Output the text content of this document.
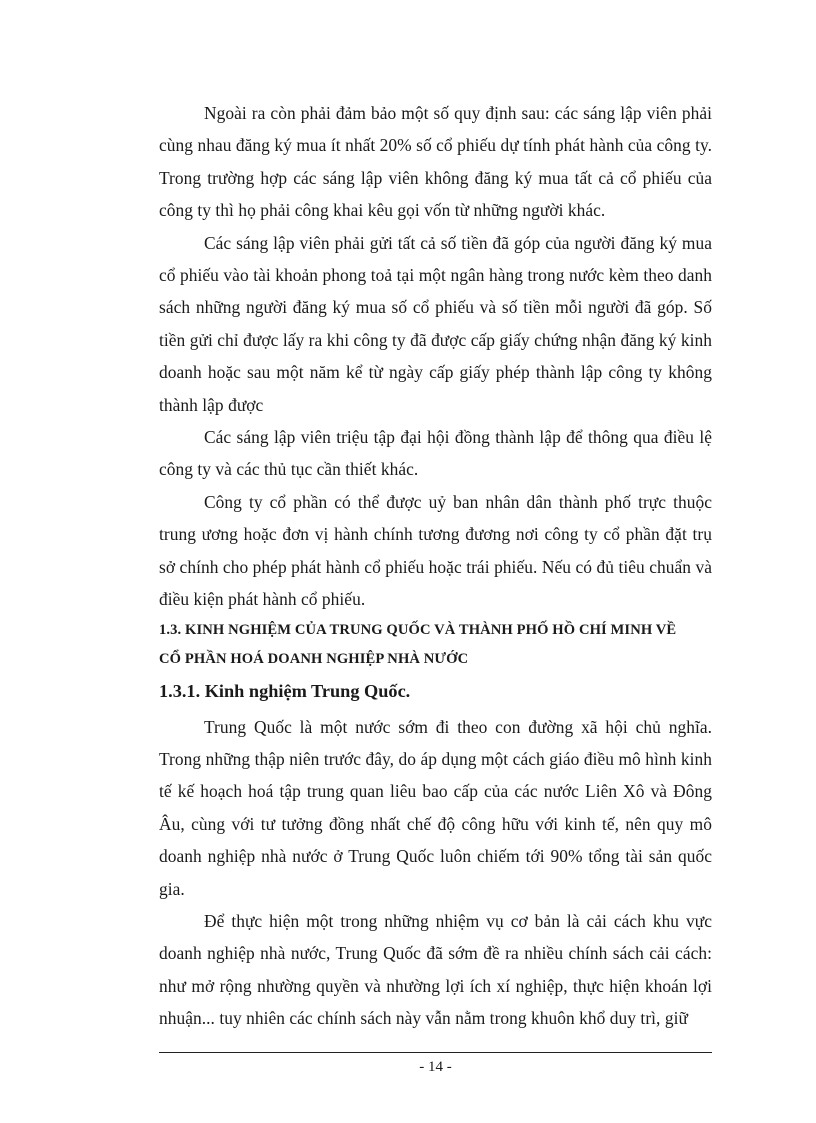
Ngoài ra còn phải đảm bảo một số quy định sau: các sáng lập viên phải cùng nhau đăng ký mua ít nhất 20% số cổ phiếu dự tính phát hành của công ty. Trong trường hợp các sáng lập viên không đăng ký mua tất cả cổ phiếu của công ty thì họ phải công khai kêu gọi vốn từ những người khác.

Các sáng lập viên phải gửi tất cả số tiền đã góp của người đăng ký mua cổ phiếu vào tài khoản phong toả tại một ngân hàng trong nước kèm theo danh sách những người đăng ký mua số cổ phiếu và số tiền mỗi người đã góp. Số tiền gửi chỉ được lấy ra khi công ty đã được cấp giấy chứng nhận đăng ký kinh doanh hoặc sau một năm kể từ ngày cấp giấy phép thành lập công ty không thành lập được

Các sáng lập viên triệu tập đại hội đồng thành lập để thông qua điều lệ công ty và các thủ tục cần thiết khác.

Công ty cổ phần có thể được uỷ ban nhân dân thành phố trực thuộc trung ương hoặc đơn vị hành chính tương đương nơi công ty cổ phần đặt trụ sở chính cho phép phát hành cổ phiếu hoặc trái phiếu. Nếu có đủ tiêu chuẩn và điều kiện phát hành cổ phiếu.

1.3. KINH NGHIỆM CỦA TRUNG QUỐC VÀ THÀNH PHỐ HỒ CHÍ MINH VỀ
CỔ PHẦN HOÁ DOANH NGHIỆP NHÀ NƯỚC
1.3.1. Kinh nghiệm Trung Quốc.

Trung Quốc là một nước sớm đi theo con đường xã hội chủ nghĩa. Trong những thập niên trước đây, do áp dụng một cách giáo điều mô hình kinh tế kế hoạch hoá tập trung quan liêu bao cấp của các nước Liên Xô và Đông Âu, cùng với tư tưởng đồng nhất chế độ công hữu với kinh tế, nên quy mô doanh nghiệp nhà nước ở Trung Quốc luôn chiếm tới 90% tổng tài sản quốc gia.

Để thực hiện một trong những nhiệm vụ cơ bản là cải cách khu vực doanh nghiệp nhà nước, Trung Quốc đã sớm đề ra nhiều chính sách cải cách: như mở rộng nhường quyền và nhường lợi ích xí nghiệp, thực hiện khoán lợi nhuận... tuy nhiên các chính sách này vẫn nằm trong khuôn khổ duy trì, giữ

- 14 -
